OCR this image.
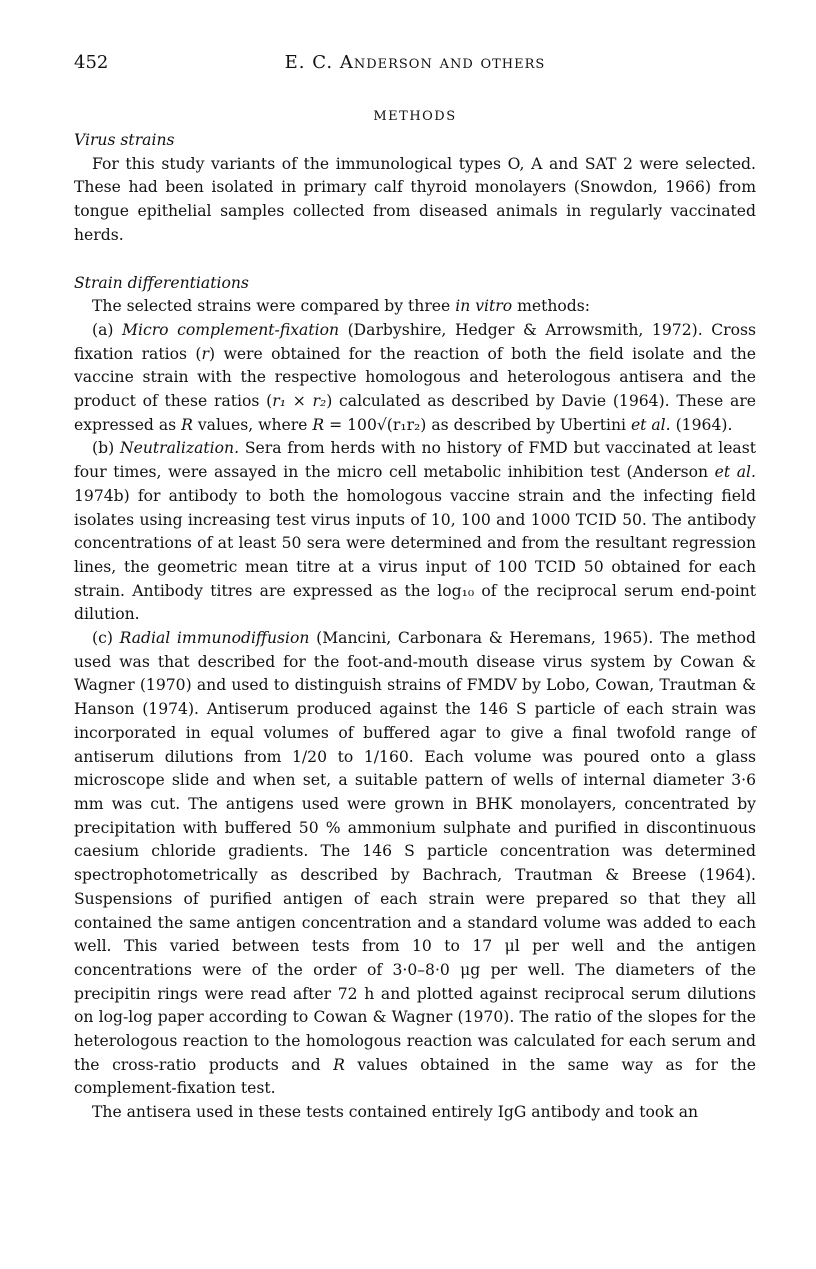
452	E. C. Anderson and others
METHODS
Virus strains

For this study variants of the immunological types O, A and SAT 2 were selected. These had been isolated in primary calf thyroid monolayers (Snowdon, 1966) from tongue epithelial samples collected from diseased animals in regularly vaccinated herds.

Strain differentiations

The selected strains were compared by three in vitro methods:

(a) Micro complement-fixation (Darbyshire, Hedger & Arrowsmith, 1972). Cross fixation ratios (r) were obtained for the reaction of both the field isolate and the vaccine strain with the respective homologous and heterologous antisera and the product of these ratios (r₁ × r₂) calculated as described by Davie (1964). These are expressed as R values, where R = 100√(r₁r₂) as described by Ubertini et al. (1964).

(b) Neutralization. Sera from herds with no history of FMD but vaccinated at least four times, were assayed in the micro cell metabolic inhibition test (Anderson et al. 1974b) for antibody to both the homologous vaccine strain and the infecting field isolates using increasing test virus inputs of 10, 100 and 1000 TCID 50. The antibody concentrations of at least 50 sera were determined and from the resultant regression lines, the geometric mean titre at a virus input of 100 TCID 50 obtained for each strain. Antibody titres are expressed as the log₁₀ of the reciprocal serum end-point dilution.

(c) Radial immunodiffusion (Mancini, Carbonara & Heremans, 1965). The method used was that described for the foot-and-mouth disease virus system by Cowan & Wagner (1970) and used to distinguish strains of FMDV by Lobo, Cowan, Trautman & Hanson (1974). Antiserum produced against the 146 S particle of each strain was incorporated in equal volumes of buffered agar to give a final twofold range of antiserum dilutions from 1/20 to 1/160. Each volume was poured onto a glass microscope slide and when set, a suitable pattern of wells of internal diameter 3·6 mm was cut. The antigens used were grown in BHK monolayers, concentrated by precipitation with buffered 50 % ammonium sulphate and purified in discontinuous caesium chloride gradients. The 146 S particle concentration was determined spectrophotometrically as described by Bachrach, Trautman & Breese (1964). Suspensions of purified antigen of each strain were prepared so that they all contained the same antigen concentration and a standard volume was added to each well. This varied between tests from 10 to 17 μl per well and the antigen concentrations were of the order of 3·0–8·0 μg per well. The diameters of the precipitin rings were read after 72 h and plotted against reciprocal serum dilutions on log-log paper according to Cowan & Wagner (1970). The ratio of the slopes for the heterologous reaction to the homologous reaction was calculated for each serum and the cross-ratio products and R values obtained in the same way as for the complement-fixation test.

The antisera used in these tests contained entirely IgG antibody and took an
